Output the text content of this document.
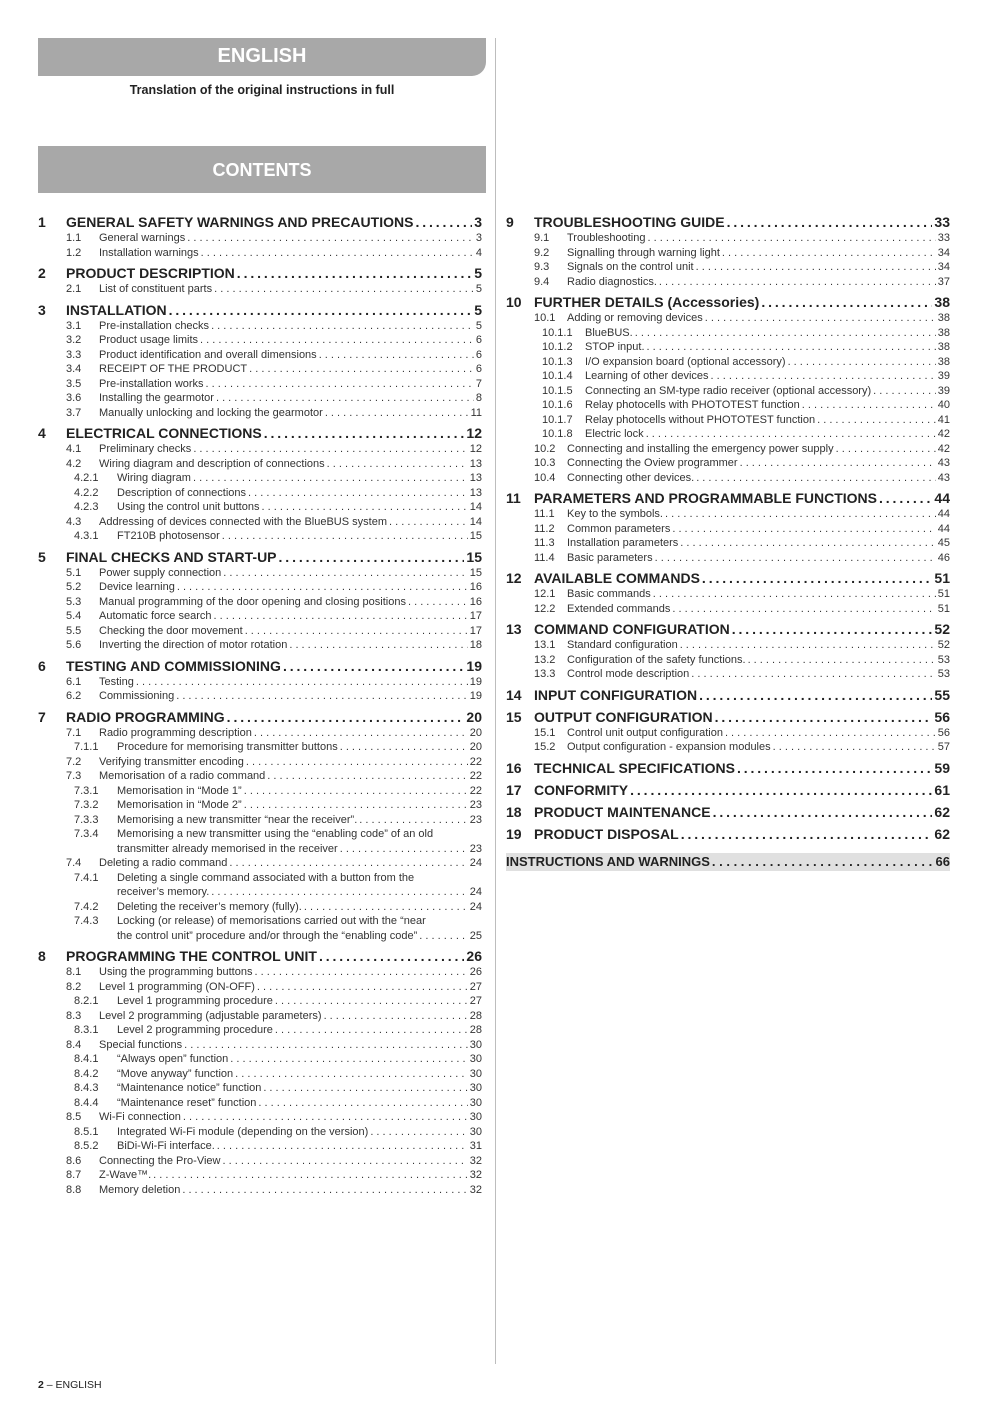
ENGLISH
Translation of the original instructions in full
CONTENTS
1	GENERAL SAFETY WARNINGS AND PRECAUTIONS . . .	3
1.1	General warnings . . .	3
1.2	Installation warnings . . .	4
2	PRODUCT DESCRIPTION . . .	5
2.1	List of constituent parts . . .	5
3	INSTALLATION . . .	5
3.1	Pre-installation checks . . .	5
3.2	Product usage limits . . .	6
3.3	Product identification and overall dimensions . . .	6
3.4	RECEIPT OF THE PRODUCT . . .	6
3.5	Pre-installation works . . .	7
3.6	Installing the gearmotor . . .	8
3.7	Manually unlocking and locking the gearmotor . . .	11
4	ELECTRICAL CONNECTIONS . . .	12
4.1	Preliminary checks . . .	12
4.2	Wiring diagram and description of connections . . .	13
4.2.1	Wiring diagram . . .	13
4.2.2	Description of connections . . .	13
4.2.3	Using the control unit buttons . . .	14
4.3	Addressing of devices connected with the BlueBUS system . . .	14
4.3.1	FT210B photosensor . . .	15
5	FINAL CHECKS AND START-UP . . .	15
5.1	Power supply connection . . .	15
5.2	Device learning . . .	16
5.3	Manual programming of the door opening and closing positions . . .	16
5.4	Automatic force search . . .	17
5.5	Checking the door movement . . .	17
5.6	Inverting the direction of motor rotation . . .	18
6	TESTING AND COMMISSIONING . . .	19
6.1	Testing . . .	19
6.2	Commissioning . . .	19
7	RADIO PROGRAMMING . . .	20
7.1	Radio programming description . . .	20
7.1.1	Procedure for memorising transmitter buttons . . .	20
7.2	Verifying transmitter encoding . . .	22
7.3	Memorisation of a radio command . . .	22
7.3.1	Memorisation in “Mode 1” . . .	22
7.3.2	Memorisation in “Mode 2” . . .	23
7.3.3	Memorising a new transmitter “near the receiver”. . . .	23
7.3.4	Memorising a new transmitter using the “enabling code” of an old
transmitter already memorised in the receiver . . .	23
7.4	Deleting a radio command . . .	24
7.4.1	Deleting a single command associated with a button from the
receiver’s memory. . . .	24
7.4.2	Deleting the receiver’s memory (fully). . . .	24
7.4.3	Locking (or release) of memorisations carried out with the “near
the control unit” procedure and/or through the “enabling code” . . .	25
8	PROGRAMMING THE CONTROL UNIT . . .	26
8.1	Using the programming buttons . . .	26
8.2	Level 1 programming (ON-OFF) . . .	27
8.2.1	Level 1 programming procedure . . .	27
8.3	Level 2 programming (adjustable parameters) . . .	28
8.3.1	Level 2 programming procedure . . .	28
8.4	Special functions . . .	30
8.4.1	“Always open” function . . .	30
8.4.2	“Move anyway” function . . .	30
8.4.3	“Maintenance notice” function . . .	30
8.4.4	“Maintenance reset” function . . .	30
8.5	Wi-Fi connection . . .	30
8.5.1	Integrated Wi-Fi module (depending on the version) . . .	30
8.5.2	BiDi-Wi-Fi interface. . . .	31
8.6	Connecting the Pro-View . . .	32
8.7	Z-Wave™. . . .	32
8.8	Memory deletion . . .	32
9	TROUBLESHOOTING GUIDE . . .	33
9.1	Troubleshooting . . .	33
9.2	Signalling through warning light . . .	34
9.3	Signals on the control unit . . .	34
9.4	Radio diagnostics. . . .	37
10 FURTHER DETAILS (Accessories) . . .	38
10.1	Adding or removing devices . . .	38
10.1.1	BlueBUS. . . .	38
10.1.2	STOP input. . . .	38
10.1.3	I/O expansion board (optional accessory) . . .	38
10.1.4	Learning of other devices . . .	39
10.1.5	Connecting an SM-type radio receiver (optional accessory) . . .	39
10.1.6	Relay photocells with PHOTOTEST function . . .	40
10.1.7	Relay photocells without PHOTOTEST function . . .	41
10.1.8	Electric lock . . .	42
10.2	Connecting and installing the emergency power supply . . .	42
10.3	Connecting the Oview programmer . . .	43
10.4	Connecting other devices. . . .	43
11 PARAMETERS AND PROGRAMMABLE FUNCTIONS . . .	44
11.1	Key to the symbols. . . .	44
11.2	Common parameters . . .	44
11.3	Installation parameters . . .	45
11.4	Basic parameters . . .	46
12 AVAILABLE COMMANDS . . .	51
12.1	Basic commands . . .	51
12.2	Extended commands . . .	51
13 COMMAND CONFIGURATION . . .	52
13.1	Standard configuration . . .	52
13.2	Configuration of the safety functions. . . .	53
13.3	Control mode description . . .	53
14 INPUT CONFIGURATION . . .	55
15 OUTPUT CONFIGURATION . . .	56
15.1	Control unit output configuration . . .	56
15.2	Output configuration - expansion modules . . .	57
16 TECHNICAL SPECIFICATIONS . . .	59
17 CONFORMITY . . .	61
18 PRODUCT MAINTENANCE . . .	62
19 PRODUCT DISPOSAL . . .	62
INSTRUCTIONS AND WARNINGS . . .	66
2 – ENGLISH
